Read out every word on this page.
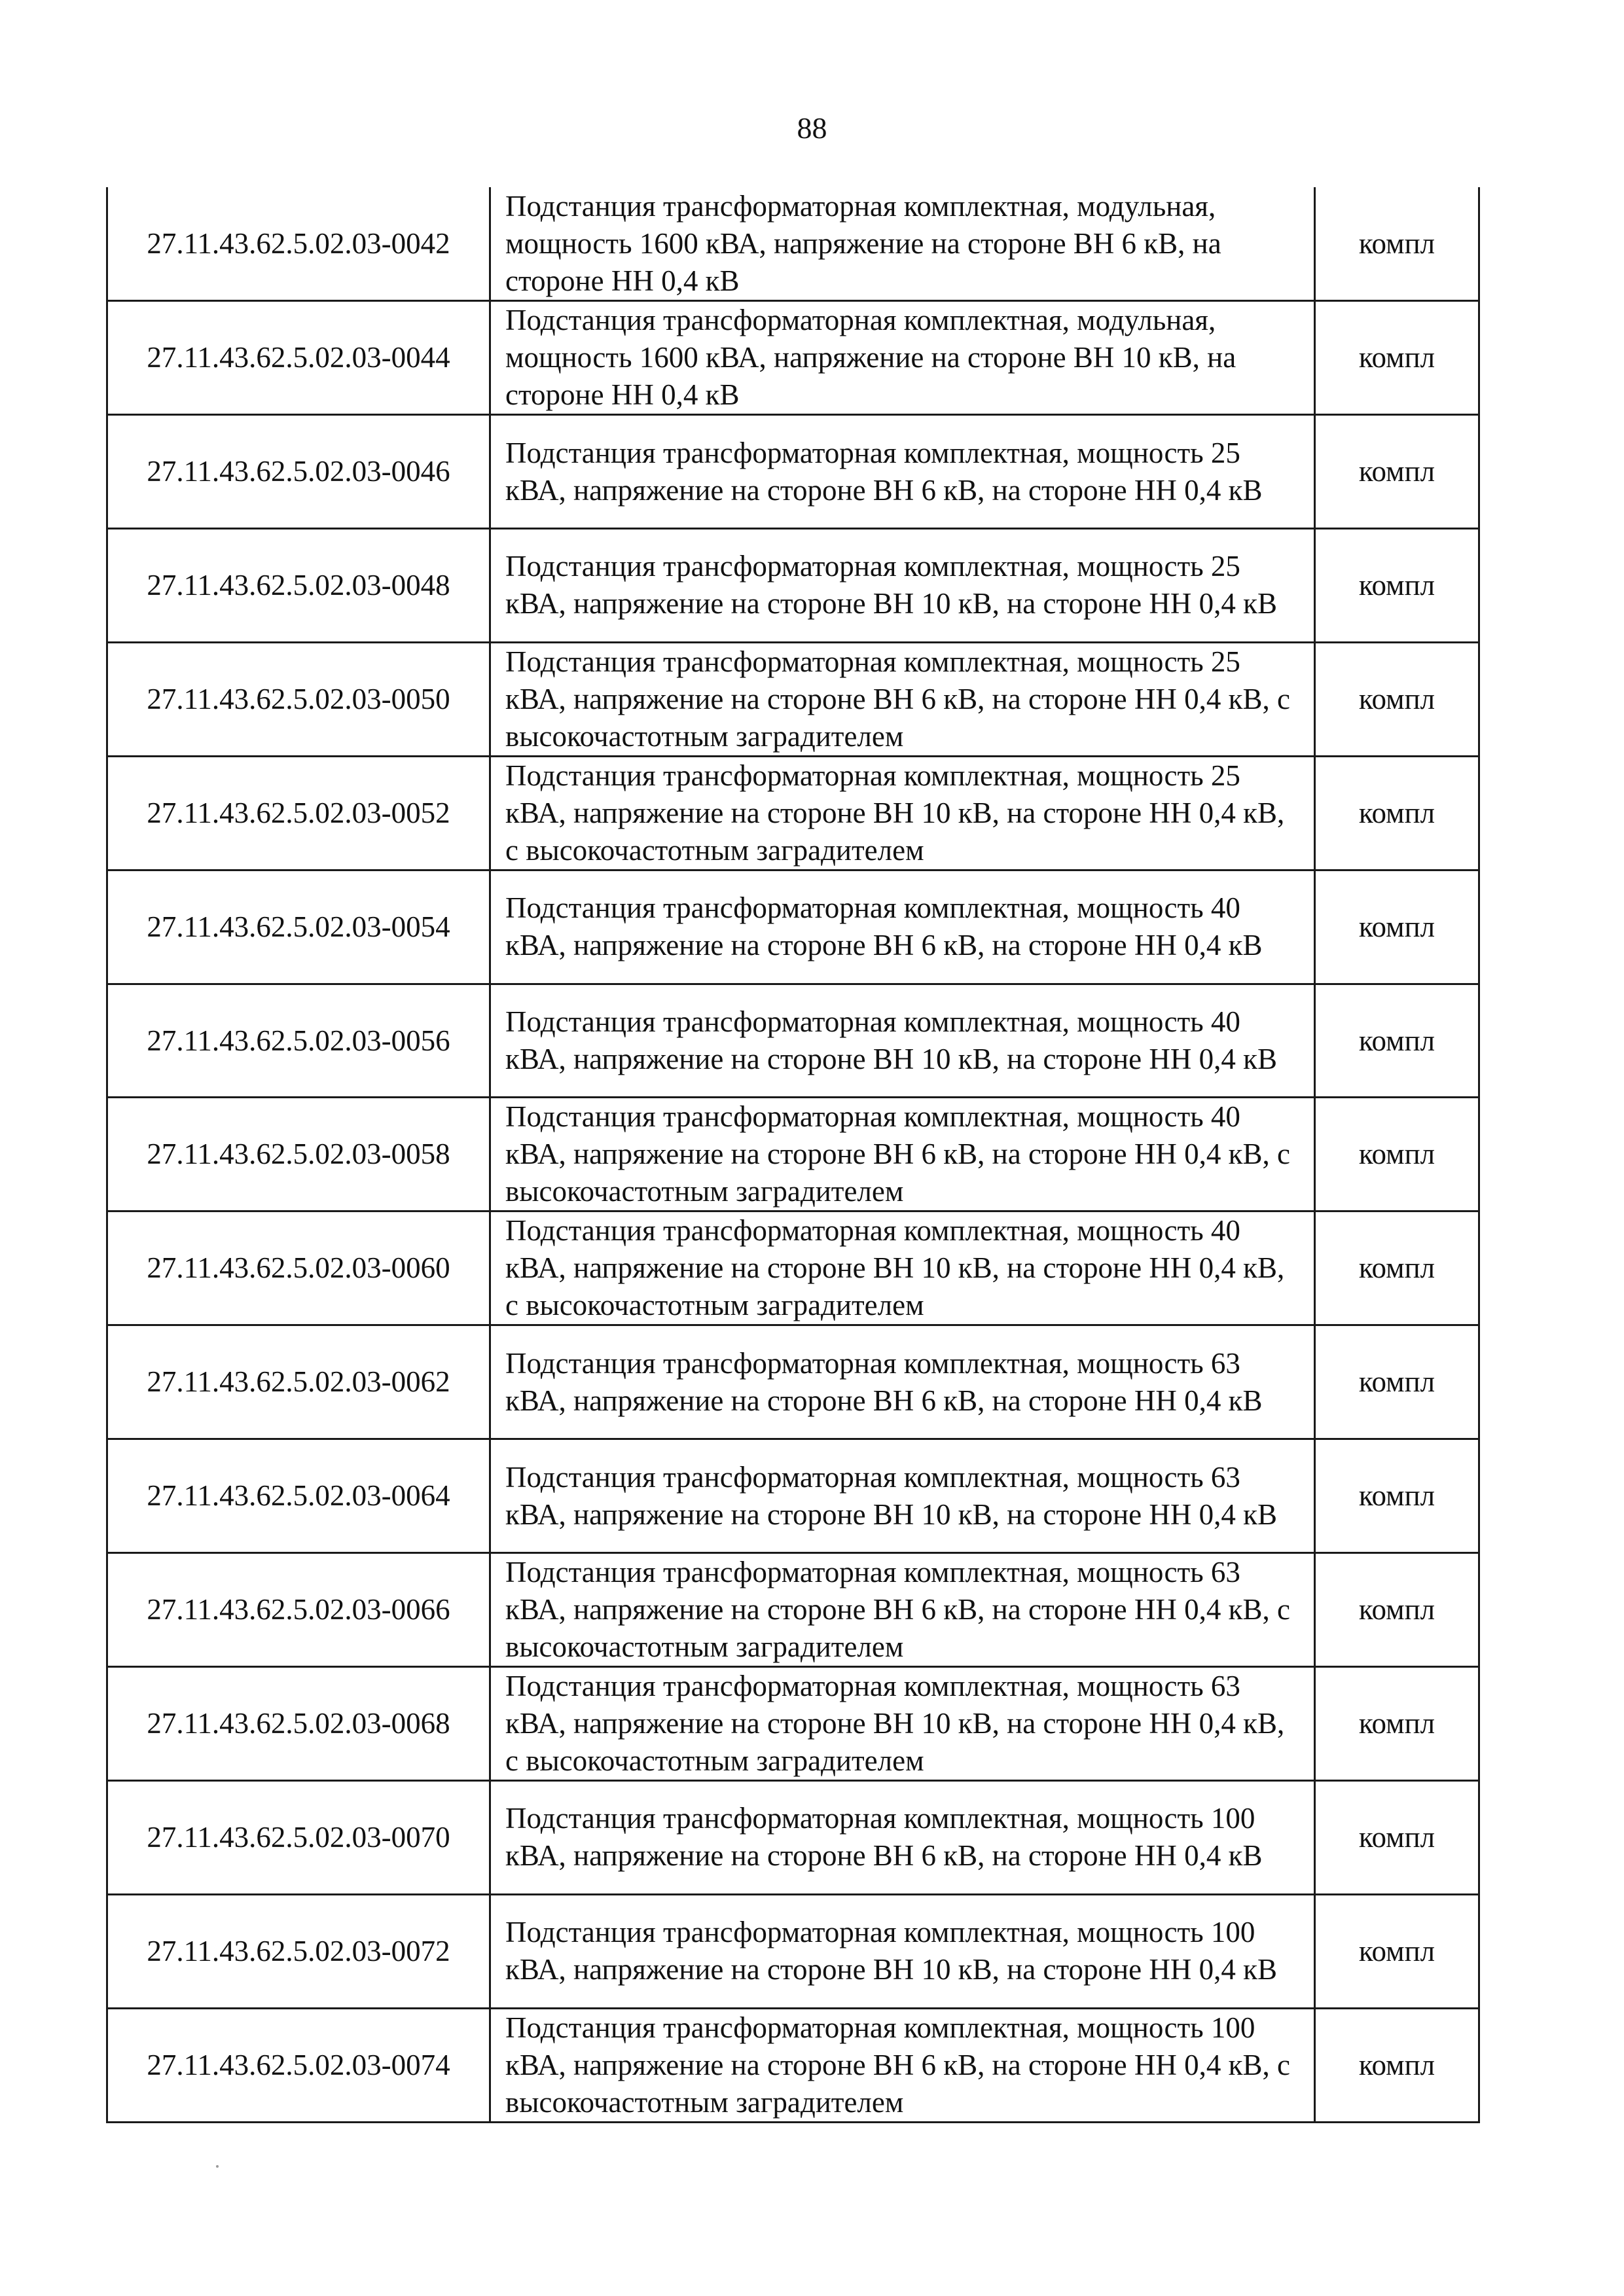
88
27.11.43.62.5.02.03-0042	Подстанция трансформаторная комплектная, модульная, мощность 1600 кВА, напряжение на стороне ВН 6 кВ, на стороне НН 0,4 кВ	компл
27.11.43.62.5.02.03-0044	Подстанция трансформаторная комплектная, модульная, мощность 1600 кВА, напряжение на стороне ВН 10 кВ, на стороне НН 0,4 кВ	компл
27.11.43.62.5.02.03-0046	Подстанция трансформаторная комплектная, мощность 25 кВА, напряжение на стороне ВН 6 кВ, на стороне НН 0,4 кВ	компл
27.11.43.62.5.02.03-0048	Подстанция трансформаторная комплектная, мощность 25 кВА, напряжение на стороне ВН 10 кВ, на стороне НН 0,4 кВ	компл
27.11.43.62.5.02.03-0050	Подстанция трансформаторная комплектная, мощность 25 кВА, напряжение на стороне ВН 6 кВ, на стороне НН 0,4 кВ, с высокочастотным заградителем	компл
27.11.43.62.5.02.03-0052	Подстанция трансформаторная комплектная, мощность 25 кВА, напряжение на стороне ВН 10 кВ, на стороне НН 0,4 кВ, с высокочастотным заградителем	компл
27.11.43.62.5.02.03-0054	Подстанция трансформаторная комплектная, мощность 40 кВА, напряжение на стороне ВН 6 кВ, на стороне НН 0,4 кВ	компл
27.11.43.62.5.02.03-0056	Подстанция трансформаторная комплектная, мощность 40 кВА, напряжение на стороне ВН 10 кВ, на стороне НН 0,4 кВ	компл
27.11.43.62.5.02.03-0058	Подстанция трансформаторная комплектная, мощность 40 кВА, напряжение на стороне ВН 6 кВ, на стороне НН 0,4 кВ, с высокочастотным заградителем	компл
27.11.43.62.5.02.03-0060	Подстанция трансформаторная комплектная, мощность 40 кВА, напряжение на стороне ВН 10 кВ, на стороне НН 0,4 кВ, с высокочастотным заградителем	компл
27.11.43.62.5.02.03-0062	Подстанция трансформаторная комплектная, мощность 63 кВА, напряжение на стороне ВН 6 кВ, на стороне НН 0,4 кВ	компл
27.11.43.62.5.02.03-0064	Подстанция трансформаторная комплектная, мощность 63 кВА, напряжение на стороне ВН 10 кВ, на стороне НН 0,4 кВ	компл
27.11.43.62.5.02.03-0066	Подстанция трансформаторная комплектная, мощность 63 кВА, напряжение на стороне ВН 6 кВ, на стороне НН 0,4 кВ, с высокочастотным заградителем	компл
27.11.43.62.5.02.03-0068	Подстанция трансформаторная комплектная, мощность 63 кВА, напряжение на стороне ВН 10 кВ, на стороне НН 0,4 кВ, с высокочастотным заградителем	компл
27.11.43.62.5.02.03-0070	Подстанция трансформаторная комплектная, мощность 100 кВА, напряжение на стороне ВН 6 кВ, на стороне НН 0,4 кВ	компл
27.11.43.62.5.02.03-0072	Подстанция трансформаторная комплектная, мощность 100 кВА, напряжение на стороне ВН 10 кВ, на стороне НН 0,4 кВ	компл
27.11.43.62.5.02.03-0074	Подстанция трансформаторная комплектная, мощность 100 кВА, напряжение на стороне ВН 6 кВ, на стороне НН 0,4 кВ, с высокочастотным заградителем	компл
